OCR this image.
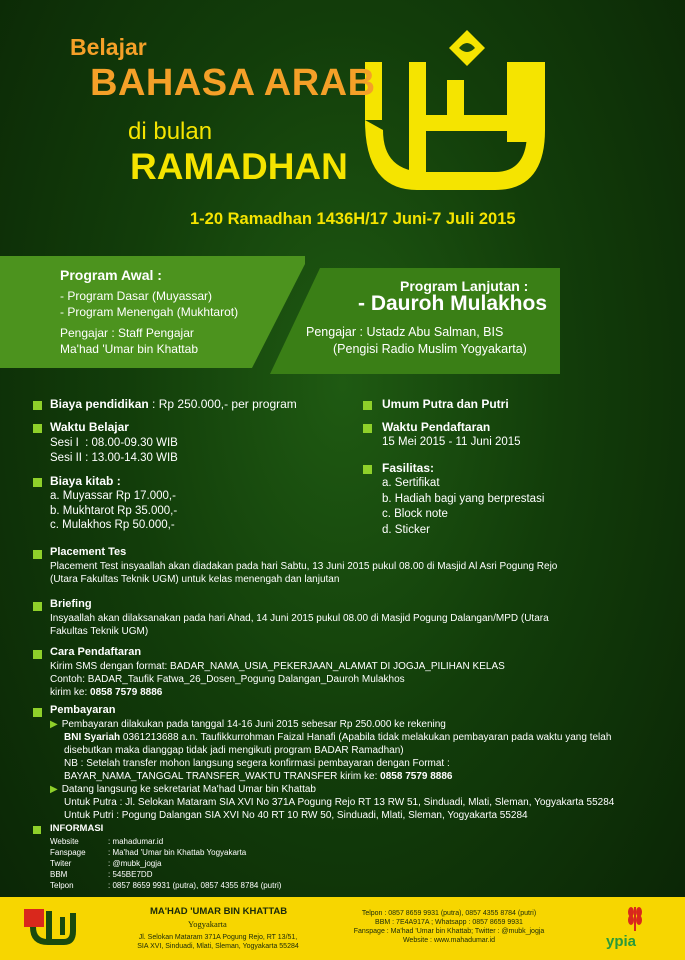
Belajar
BAHASA ARAB
di bulan
RAMADHAN
1-20 Ramadhan 1436H/17 Juni-7 Juli 2015
Program Awal :
- Program Dasar (Muyassar)
- Program Menengah (Mukhtarot)
Pengajar : Staff Pengajar
Ma'had 'Umar bin Khattab
Program Lanjutan :
- Dauroh Mulakhos
Pengajar : Ustadz Abu Salman, BIS
(Pengisi Radio Muslim Yogyakarta)
Biaya pendidikan : Rp 250.000,- per program
Waktu Belajar
Sesi I  : 08.00-09.30 WIB
Sesi II : 13.00-14.30 WIB
Biaya kitab :
a. Muyassar Rp 17.000,-
b. Mukhtarot Rp 35.000,-
c. Mulakhos Rp 50.000,-
Umum Putra dan Putri
Waktu Pendaftaran
15 Mei 2015 - 11 Juni 2015
Fasilitas:
a. Sertifikat
b. Hadiah bagi yang berprestasi
c. Block note
d. Sticker
Placement Tes
Placement Test insyaallah akan diadakan pada hari Sabtu, 13 Juni 2015 pukul 08.00 di Masjid Al Asri Pogung Rejo
(Utara Fakultas Teknik UGM) untuk kelas menengah dan lanjutan
Briefing
Insyaallah akan dilaksanakan pada hari Ahad, 14 Juni 2015 pukul 08.00 di Masjid Pogung Dalangan/MPD (Utara
Fakultas Teknik UGM)
Cara Pendaftaran
Kirim SMS dengan format: BADAR_NAMA_USIA_PEKERJAAN_ALAMAT DI JOGJA_PILIHAN KELAS
Contoh: BADAR_Taufik Fatwa_26_Dosen_Pogung Dalangan_Dauroh Mulakhos
kirim ke: 0858 7579 8886
Pembayaran
▶ Pembayaran dilakukan pada tanggal 14-16 Juni 2015 sebesar Rp 250.000 ke rekening
BNI Syariah 0361213688 a.n. Taufikkurrohman Faizal Hanafi (Apabila tidak melakukan pembayaran pada waktu yang telah
disebutkan maka dianggap tidak jadi mengikuti program BADAR Ramadhan)
NB : Setelah transfer mohon langsung segera konfirmasi pembayaran dengan Format :
BAYAR_NAMA_TANGGAL TRANSFER_WAKTU TRANSFER kirim ke: 0858 7579 8886
▶ Datang langsung ke sekretariat Ma'had Umar bin Khattab
Untuk Putra : Jl. Selokan Mataram SIA XVI No 371A Pogung Rejo RT 13 RW 51, Sinduadi, Mlati, Sleman, Yogyakarta 55284
Untuk Putri : Pogung Dalangan SIA XVI No 40 RT 10 RW 50, Sinduadi, Mlati, Sleman, Yogyakarta 55284
INFORMASI
Website	: mahadumar.id
Fanspage	: Ma'had 'Umar bin Khattab Yogyakarta
Twiter	: @mubk_jogja
BBM	: 545BE7DD
Telpon	: 0857 8659 9931 (putra), 0857 4355 8784 (putri)
MA'HAD 'UMAR BIN KHATTAB
Yogyakarta
Jl. Selokan Mataram 371A Pogung Rejo, RT 13/51,
SIA XVI, Sinduadi, Mlati, Sleman, Yogyakarta 55284
Telpon : 0857 8659 9931 (putra), 0857 4355 8784 (putri)
BBM : 7E4A917A ; Whatsapp : 0857 8659 9931
Fanspage : Ma'had 'Umar bin Khattab; Twitter : @mubk_jogja
Website : www.mahadumar.id	ypia
